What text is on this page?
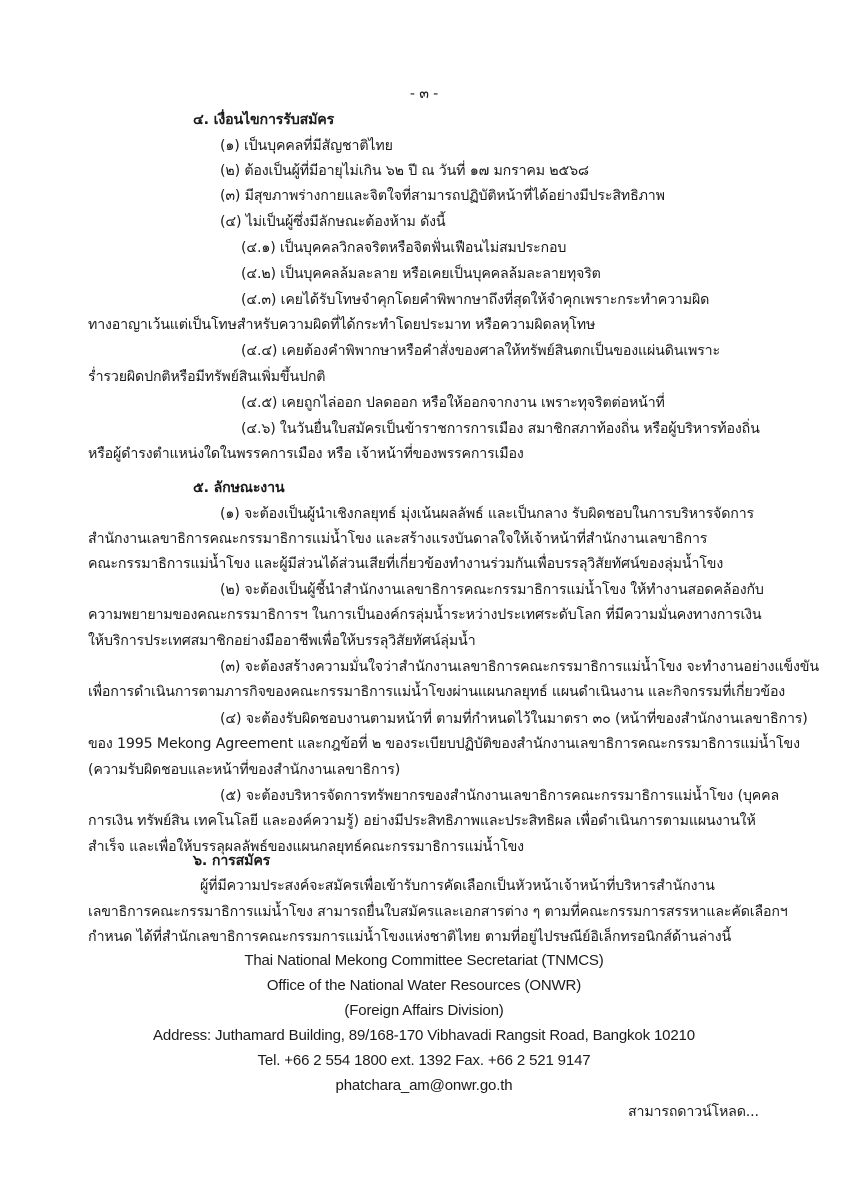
- ๓ -
๔. เงื่อนไขการรับสมัคร
(๑) เป็นบุคคลที่มีสัญชาติไทย
(๒) ต้องเป็นผู้ที่มีอายุไม่เกิน ๖๒ ปี ณ วันที่ ๑๗ มกราคม ๒๕๖๘
(๓) มีสุขภาพร่างกายและจิตใจที่สามารถปฏิบัติหน้าที่ได้อย่างมีประสิทธิภาพ
(๔) ไม่เป็นผู้ซึ่งมีลักษณะต้องห้าม ดังนี้
(๔.๑) เป็นบุคคลวิกลจริตหรือจิตฟั่นเฟือนไม่สมประกอบ
(๔.๒) เป็นบุคคลล้มละลาย หรือเคยเป็นบุคคลล้มละลายทุจริต
(๔.๓) เคยได้รับโทษจำคุกโดยคำพิพากษาถึงที่สุดให้จำคุกเพราะกระทำความผิด
ทางอาญาเว้นแต่เป็นโทษสำหรับความผิดที่ได้กระทำโดยประมาท หรือความผิดลหุโทษ
(๔.๔) เคยต้องคำพิพากษาหรือคำสั่งของศาลให้ทรัพย์สินตกเป็นของแผ่นดินเพราะ
ร่ำรวยผิดปกติหรือมีทรัพย์สินเพิ่มขึ้นปกติ
(๔.๕) เคยถูกไล่ออก ปลดออก หรือให้ออกจากงาน เพราะทุจริตต่อหน้าที่
(๔.๖) ในวันยื่นใบสมัครเป็นข้าราชการการเมือง สมาชิกสภาท้องถิ่น หรือผู้บริหารท้องถิ่น
หรือผู้ดำรงตำแหน่งใดในพรรคการเมือง หรือ เจ้าหน้าที่ของพรรคการเมือง
๕. ลักษณะงาน
(๑) จะต้องเป็นผู้นำเชิงกลยุทธ์ มุ่งเน้นผลลัพธ์ และเป็นกลาง รับผิดชอบในการบริหารจัดการ
สำนักงานเลขาธิการคณะกรรมาธิการแม่น้ำโขง และสร้างแรงบันดาลใจให้เจ้าหน้าที่สำนักงานเลขาธิการ
คณะกรรมาธิการแม่น้ำโขง และผู้มีส่วนได้ส่วนเสียที่เกี่ยวข้องทำงานร่วมกันเพื่อบรรลุวิสัยทัศน์ของลุ่มน้ำโขง
(๒) จะต้องเป็นผู้ชี้นำสำนักงานเลขาธิการคณะกรรมาธิการแม่น้ำโขง ให้ทำงานสอดคล้องกับ
ความพยายามของคณะกรรมาธิการฯ ในการเป็นองค์กรลุ่มน้ำระหว่างประเทศระดับโลก ที่มีความมั่นคงทางการเงิน
ให้บริการประเทศสมาชิกอย่างมืออาชีพเพื่อให้บรรลุวิสัยทัศน์ลุ่มน้ำ
(๓) จะต้องสร้างความมั่นใจว่าสำนักงานเลขาธิการคณะกรรมาธิการแม่น้ำโขง จะทำงานอย่างแข็งขัน
เพื่อการดำเนินการตามภารกิจของคณะกรรมาธิการแม่น้ำโขงผ่านแผนกลยุทธ์ แผนดำเนินงาน และกิจกรรมที่เกี่ยวข้อง
(๔) จะต้องรับผิดชอบงานตามหน้าที่ ตามที่กำหนดไว้ในมาตรา ๓๐ (หน้าที่ของสำนักงานเลขาธิการ)
ของ 1995 Mekong Agreement และกฎข้อที่ ๒ ของระเบียบปฏิบัติของสำนักงานเลขาธิการคณะกรรมาธิการแม่น้ำโขง
(ความรับผิดชอบและหน้าที่ของสำนักงานเลขาธิการ)
(๕) จะต้องบริหารจัดการทรัพยากรของสำนักงานเลขาธิการคณะกรรมาธิการแม่น้ำโขง (บุคคล
การเงิน ทรัพย์สิน เทคโนโลยี และองค์ความรู้) อย่างมีประสิทธิภาพและประสิทธิผล เพื่อดำเนินการตามแผนงานให้
สำเร็จ และเพื่อให้บรรลุผลลัพธ์ของแผนกลยุทธ์คณะกรรมาธิการแม่น้ำโขง
๖. การสมัคร
ผู้ที่มีความประสงค์จะสมัครเพื่อเข้ารับการคัดเลือกเป็นหัวหน้าเจ้าหน้าที่บริหารสำนักงาน
เลขาธิการคณะกรรมาธิการแม่น้ำโขง สามารถยื่นใบสมัครและเอกสารต่าง ๆ ตามที่คณะกรรมการสรรหาและคัดเลือกฯ
กำหนด ได้ที่สำนักเลขาธิการคณะกรรมการแม่น้ำโขงแห่งชาติไทย ตามที่อยู่ไปรษณีย์อิเล็กทรอนิกส์ด้านล่างนี้
Thai National Mekong Committee Secretariat (TNMCS)
Office of the National Water Resources (ONWR)
(Foreign Affairs Division)
Address: Juthamard Building, 89/168-170 Vibhavadi Rangsit Road, Bangkok 10210
Tel. +66 2 554 1800 ext. 1392 Fax. +66 2 521 9147
phatchara_am@onwr.go.th
สามารถดาวน์โหลด...
